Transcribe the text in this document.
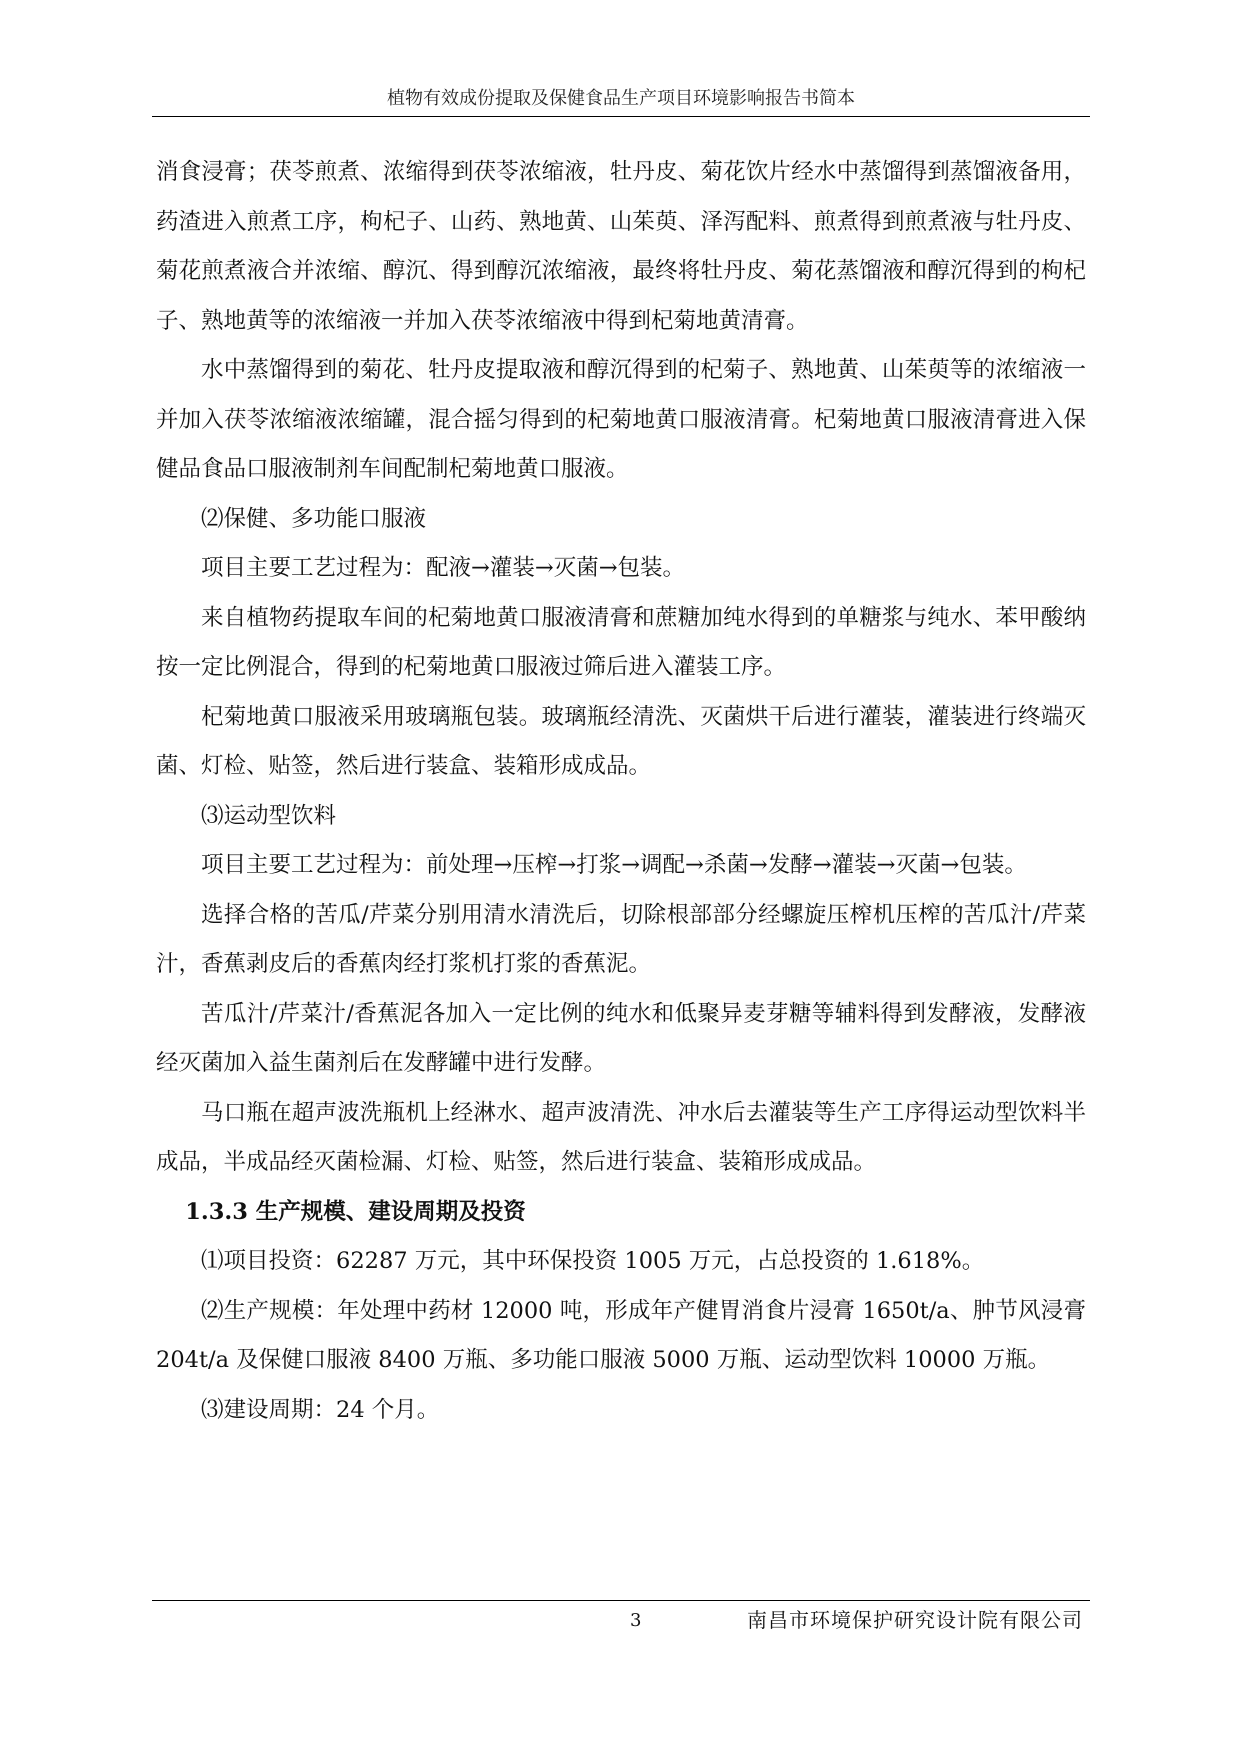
植物有效成份提取及保健食品生产项目环境影响报告书简本

消食浸膏；茯苓煎煮、浓缩得到茯苓浓缩液，牡丹皮、菊花饮片经水中蒸馏得到蒸馏液备用，药渣进入煎煮工序，枸杞子、山药、熟地黄、山茱萸、泽泻配料、煎煮得到煎煮液与牡丹皮、菊花煎煮液合并浓缩、醇沉、得到醇沉浓缩液，最终将牡丹皮、菊花蒸馏液和醇沉得到的枸杞子、熟地黄等的浓缩液一并加入茯苓浓缩液中得到杞菊地黄清膏。

水中蒸馏得到的菊花、牡丹皮提取液和醇沉得到的杞菊子、熟地黄、山茱萸等的浓缩液一并加入茯苓浓缩液浓缩罐，混合摇匀得到的杞菊地黄口服液清膏。杞菊地黄口服液清膏进入保健品食品口服液制剂车间配制杞菊地黄口服液。

⑵保健、多功能口服液

项目主要工艺过程为：配液→灌装→灭菌→包装。

来自植物药提取车间的杞菊地黄口服液清膏和蔗糖加纯水得到的单糖浆与纯水、苯甲酸纳按一定比例混合，得到的杞菊地黄口服液过筛后进入灌装工序。

杞菊地黄口服液采用玻璃瓶包装。玻璃瓶经清洗、灭菌烘干后进行灌装，灌装进行终端灭菌、灯检、贴签，然后进行装盒、装箱形成成品。

⑶运动型饮料

项目主要工艺过程为：前处理→压榨→打浆→调配→杀菌→发酵→灌装→灭菌→包装。

选择合格的苦瓜/芹菜分别用清水清洗后，切除根部部分经螺旋压榨机压榨的苦瓜汁/芹菜汁，香蕉剥皮后的香蕉肉经打浆机打浆的香蕉泥。

苦瓜汁/芹菜汁/香蕉泥各加入一定比例的纯水和低聚异麦芽糖等辅料得到发酵液，发酵液经灭菌加入益生菌剂后在发酵罐中进行发酵。

马口瓶在超声波洗瓶机上经淋水、超声波清洗、冲水后去灌装等生产工序得运动型饮料半成品，半成品经灭菌检漏、灯检、贴签，然后进行装盒、装箱形成成品。

1.3.3 生产规模、建设周期及投资

⑴项目投资：62287 万元，其中环保投资 1005 万元，占总投资的 1.618%。

⑵生产规模：年处理中药材 12000 吨，形成年产健胃消食片浸膏 1650t/a、肿节风浸膏 204t/a 及保健口服液 8400 万瓶、多功能口服液 5000 万瓶、运动型饮料 10000 万瓶。

⑶建设周期：24 个月。

3	南昌市环境保护研究设计院有限公司
